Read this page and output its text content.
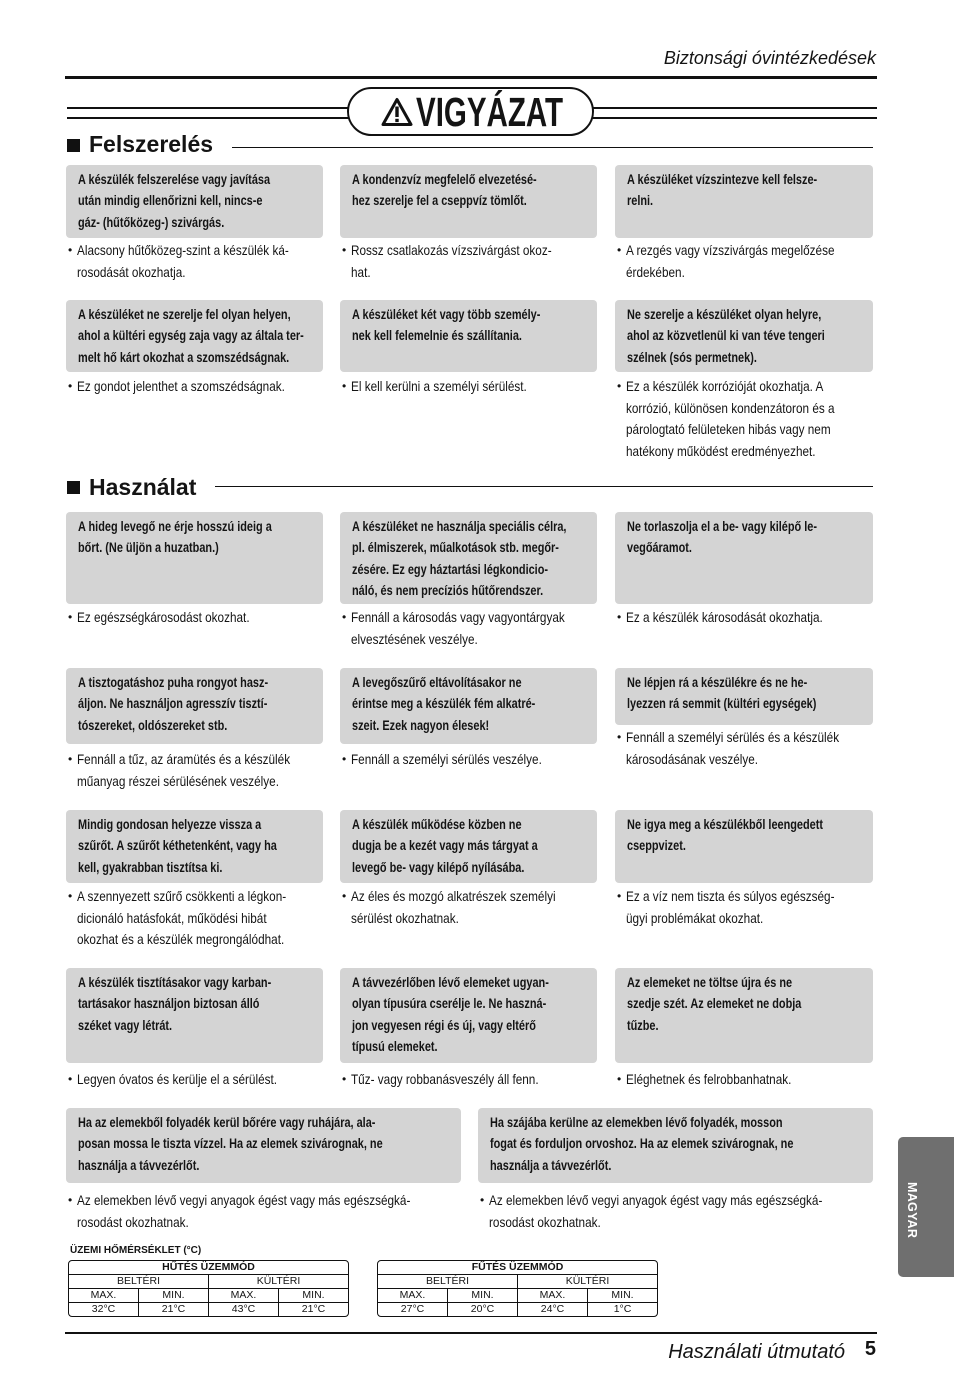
Biztonsági óvintézkedések
VIGYÁZAT
Felszerelés
A készülék felszerelése vagy javítása
után mindig ellenőrizni kell, nincs-e
gáz- (hűtőközeg-) szivárgás.
• Alacsony hűtőközeg-szint a készülék ká-
rosodását okozhatja.
A kondenzvíz megfelelő elvezetésé-
hez szerelje fel a cseppvíz tömlőt.
• Rossz csatlakozás vízszivárgást okoz-
hat.
A készüléket vízszintezve kell felsze-
relni.
• A rezgés vagy vízszivárgás megelőzése
érdekében.
A készüléket ne szerelje fel olyan helyen,
ahol a kültéri egység zaja vagy az általa ter-
melt hő kárt okozhat a szomszédságnak.
• Ez gondot jelenthet a szomszédságnak.
A készüléket két vagy több személy-
nek kell felemelnie és szállítania.
• El kell kerülni a személyi sérülést.
Ne szerelje a készüléket olyan helyre,
ahol az közvetlenül ki van téve tengeri
szélnek (sós permetnek).
• Ez a készülék korrózióját okozhatja. A
korrózió, különösen kondenzátoron és a
párologtató felületeken hibás vagy nem
hatékony működést eredményezhet.
Használat
A hideg levegő ne érje hosszú ideig a
bőrt. (Ne üljön a huzatban.)
• Ez egészségkárosodást okozhat.
A készüléket ne használja speciális célra,
pl. élmiszerek, műalkotások stb. megőr-
zésére. Ez egy háztartási légkondicio-
náló, és nem precíziós hűtőrendszer.
• Fennáll a károsodás vagy vagyontárgyak
elvesztésének veszélye.
Ne torlaszolja el a be- vagy kilépő le-
vegőáramot.
• Ez a készülék károsodását okozhatja.
A tisztogatáshoz puha rongyot hasz-
áljon. Ne használjon agresszív tisztí-
tószereket, oldószereket stb.
• Fennáll a tűz, az áramütés és a készülék
műanyag részei sérülésének veszélye.
A levegőszűrő eltávolításakor ne
érintse meg a készülék fém alkatré-
szeit. Ezek nagyon élesek!
• Fennáll a személyi sérülés veszélye.
Ne lépjen rá a készülékre és ne he-
lyezzen rá semmit (kültéri egységek)
• Fennáll a személyi sérülés és a készülék
károsodásának veszélye.
Mindig gondosan helyezze vissza a
szűrőt. A szűrőt kéthetenként, vagy ha
kell, gyakrabban tisztítsa ki.
• A szennyezett szűrő csökkenti a légkon-
dicionáló hatásfokát, működési hibát
okozhat és a készülék megrongálódhat.
A készülék működése közben ne
dugja be a kezét vagy más tárgyat a
levegő be- vagy kilépő nyílásába.
• Az éles és mozgó alkatrészek személyi
sérülést okozhatnak.
Ne igya meg a készülékből leengedett
cseppvizet.
• Ez a víz nem tiszta és súlyos egészség-
ügyi problémákat okozhat.
A készülék tisztításakor vagy karban-
tartásakor használjon biztosan álló
széket vagy létrát.
• Legyen óvatos és kerülje el a sérülést.
A távvezérlőben lévő elemeket ugyan-
olyan típusúra cserélje le. Ne haszná-
jon vegyesen régi és új, vagy eltérő
típusú elemeket.
• Tűz- vagy robbanásveszély áll fenn.
Az elemeket ne töltse újra és ne
szedje szét. Az elemeket ne dobja
tűzbe.
• Eléghetnek és felrobbanhatnak.
Ha az elemekből folyadék kerül bőrére vagy ruhájára, ala-
posan mossa le tiszta vízzel. Ha az elemek szivárognak, ne
használja a távvezérlőt.
• Az elemekben lévő vegyi anyagok égést vagy más egészségká-
rosodást okozhatnak.
Ha szájába kerülne az elemekben lévő folyadék, mosson
fogat és forduljon orvoshoz. Ha az elemek szivárognak, ne
használja a távvezérlőt.
• Az elemekben lévő vegyi anyagok égést vagy más egészségká-
rosodást okozhatnak.
ÜZEMI HŐMÉRSÉKLET (°C)
HŰTÉS ÜZEMMÓD
BELTÉRI	KÜLTÉRI
MAX.	MIN.	MAX.	MIN.
32°C	21°C	43°C	21°C
FŰTÉS ÜZEMMÓD
BELTÉRI	KÜLTÉRI
MAX.	MIN.	MAX.	MIN.
27°C	20°C	24°C	1°C
Használati útmutató 5
MAGYAR
